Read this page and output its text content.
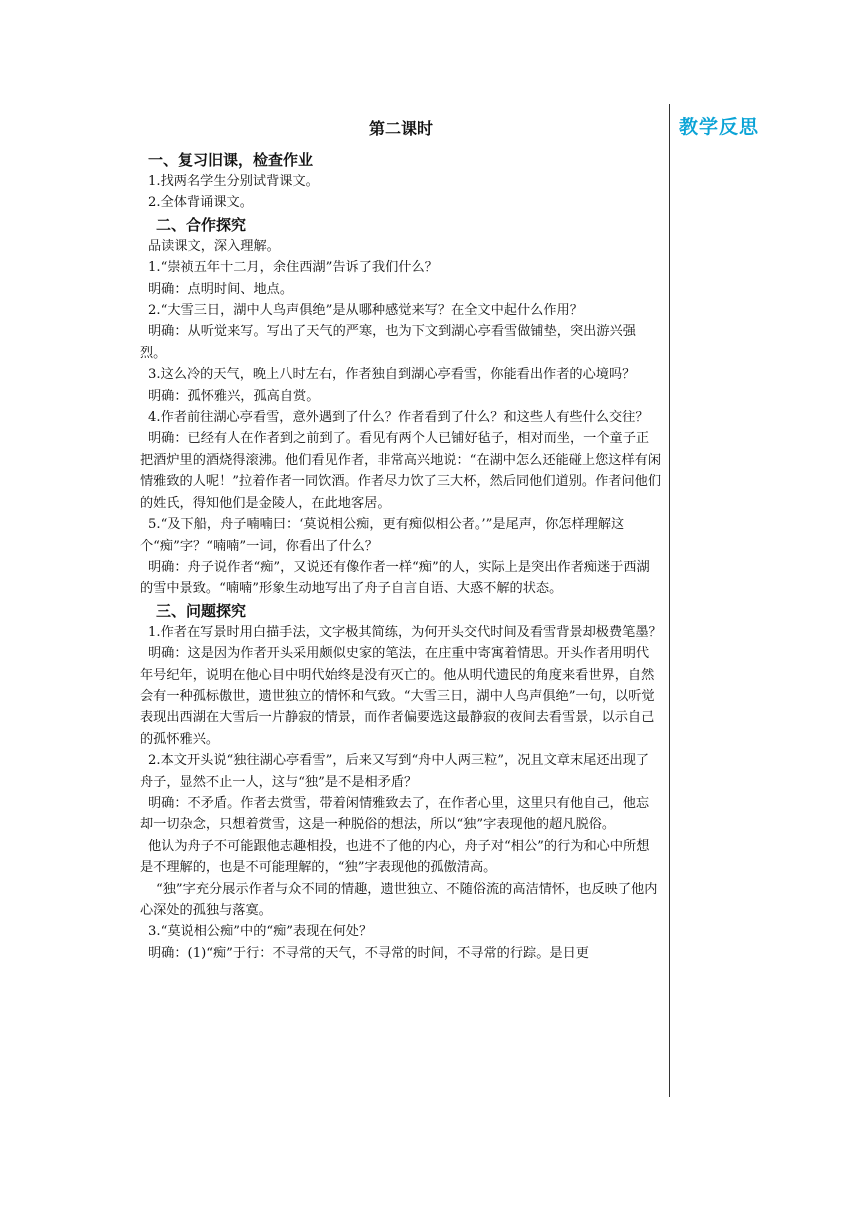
教学反思
第二课时
一、复习旧课，检查作业

1.找两名学生分别试背课文。

2.全体背诵课文。

二、合作探究

品读课文，深入理解。

1.“崇祯五年十二月，余住西湖”告诉了我们什么？

明确：点明时间、地点。

2.“大雪三日，湖中人鸟声俱绝”是从哪种感觉来写？在全文中起什么作用？

明确：从听觉来写。写出了天气的严寒，也为下文到湖心亭看雪做铺垫，突出游兴强烈。

3.这么冷的天气，晚上八时左右，作者独自到湖心亭看雪，你能看出作者的心境吗？

明确：孤怀雅兴，孤高自赏。

4.作者前往湖心亭看雪，意外遇到了什么？作者看到了什么？和这些人有些什么交往？

明确：已经有人在作者到之前到了。看见有两个人已铺好毡子，相对而坐，一个童子正把酒炉里的酒烧得滚沸。他们看见作者，非常高兴地说：“在湖中怎么还能碰上您这样有闲情雅致的人呢！”拉着作者一同饮酒。作者尽力饮了三大杯，然后同他们道别。作者问他们的姓氏，得知他们是金陵人，在此地客居。

5.“及下船，舟子喃喃曰：‘莫说相公痴，更有痴似相公者。’”是尾声，你怎样理解这个“痴”字？“喃喃”一词，你看出了什么？

明确：舟子说作者“痴”，又说还有像作者一样“痴”的人，实际上是突出作者痴迷于西湖的雪中景致。“喃喃”形象生动地写出了舟子自言自语、大惑不解的状态。

三、问题探究

1.作者在写景时用白描手法，文字极其简练，为何开头交代时间及看雪背景却极费笔墨？

明确：这是因为作者开头采用颇似史家的笔法，在庄重中寄寓着情思。开头作者用明代年号纪年，说明在他心目中明代始终是没有灭亡的。他从明代遗民的角度来看世界，自然会有一种孤标傲世，遗世独立的情怀和气致。“大雪三日，湖中人鸟声俱绝”一句，以听觉表现出西湖在大雪后一片静寂的情景，而作者偏要选这最静寂的夜间去看雪景，以示自己的孤怀雅兴。

2.本文开头说“独往湖心亭看雪”，后来又写到“舟中人两三粒”，况且文章末尾还出现了舟子，显然不止一人，这与“独”是不是相矛盾？

明确：不矛盾。作者去赏雪，带着闲情雅致去了，在作者心里，这里只有他自己，他忘却一切杂念，只想着赏雪，这是一种脱俗的想法，所以“独”字表现他的超凡脱俗。

他认为舟子不可能跟他志趣相投，也进不了他的内心，舟子对“相公”的行为和心中所想是不理解的，也是不可能理解的，“独”字表现他的孤傲清高。

“独”字充分展示作者与众不同的情趣，遗世独立、不随俗流的高洁情怀，也反映了他内心深处的孤独与落寞。

3.“莫说相公痴”中的“痴”表现在何处？

明确：(1)“痴”于行：不寻常的天气，不寻常的时间，不寻常的行踪。是日更
